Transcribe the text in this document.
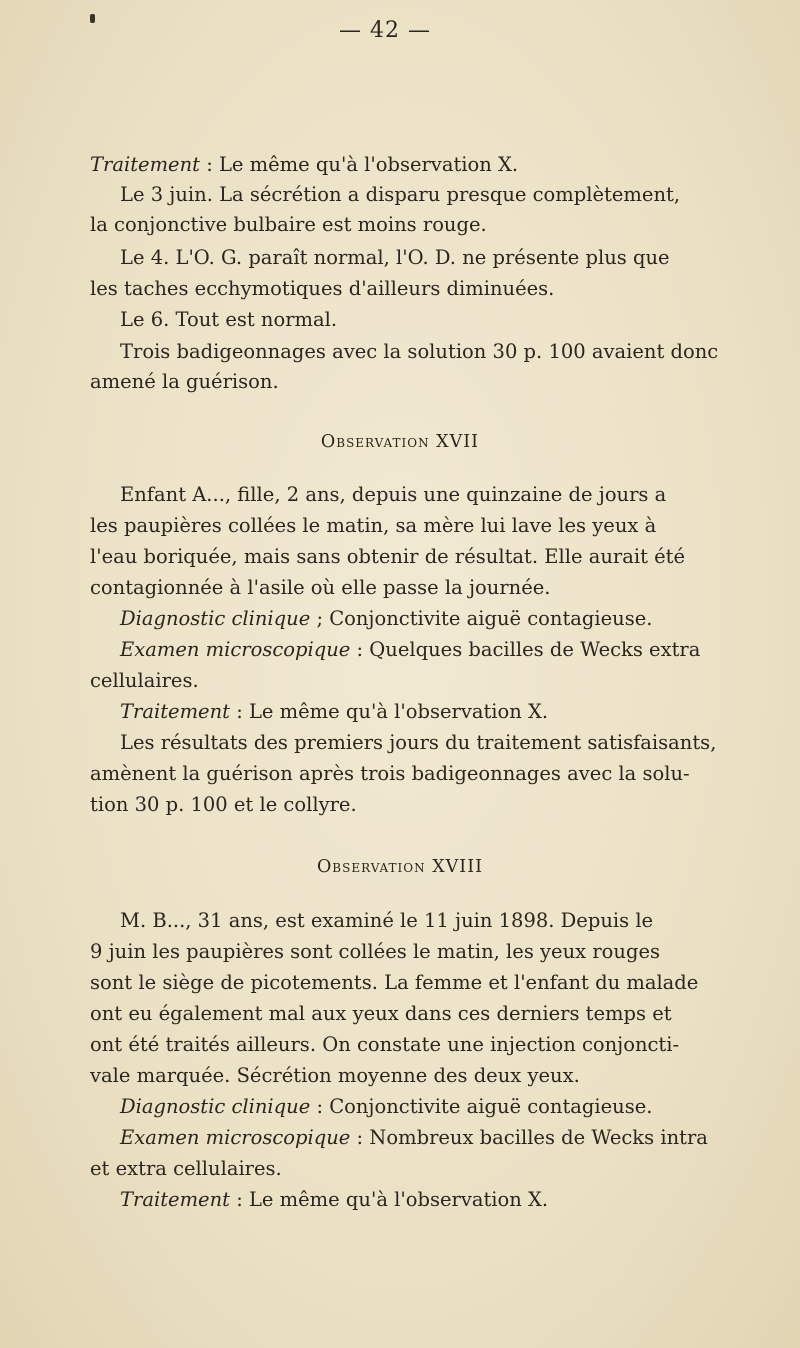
— 42 —
Traitement : Le même qu'à l'observation X.
Le 3 juin. La sécrétion a disparu presque complètement,
la conjonctive bulbaire est moins rouge.
Le 4. L'O. G. paraît normal, l'O. D. ne présente plus que
les taches ecchymotiques d'ailleurs diminuées.
Le 6. Tout est normal.
Trois badigeonnages avec la solution 30 p. 100 avaient donc
amené la guérison.
Observation XVII
Enfant A..., fille, 2 ans, depuis une quinzaine de jours a
les paupières collées le matin, sa mère lui lave les yeux à
l'eau boriquée, mais sans obtenir de résultat. Elle aurait été
contagionnée à l'asile où elle passe la journée.
Diagnostic clinique ; Conjonctivite aiguë contagieuse.
Examen microscopique : Quelques bacilles de Wecks extra
cellulaires.
Traitement : Le même qu'à l'observation X.
Les résultats des premiers jours du traitement satisfaisants,
amènent la guérison après trois badigeonnages avec la solu-
tion 30 p. 100 et le collyre.
Observation XVIII
M. B..., 31 ans, est examiné le 11 juin 1898. Depuis le
9 juin les paupières sont collées le matin, les yeux rouges
sont le siège de picotements. La femme et l'enfant du malade
ont eu également mal aux yeux dans ces derniers temps et
ont été traités ailleurs. On constate une injection conjoncti-
vale marquée. Sécrétion moyenne des deux yeux.
Diagnostic clinique : Conjonctivite aiguë contagieuse.
Examen microscopique : Nombreux bacilles de Wecks intra
et extra cellulaires.
Traitement : Le même qu'à l'observation X.
